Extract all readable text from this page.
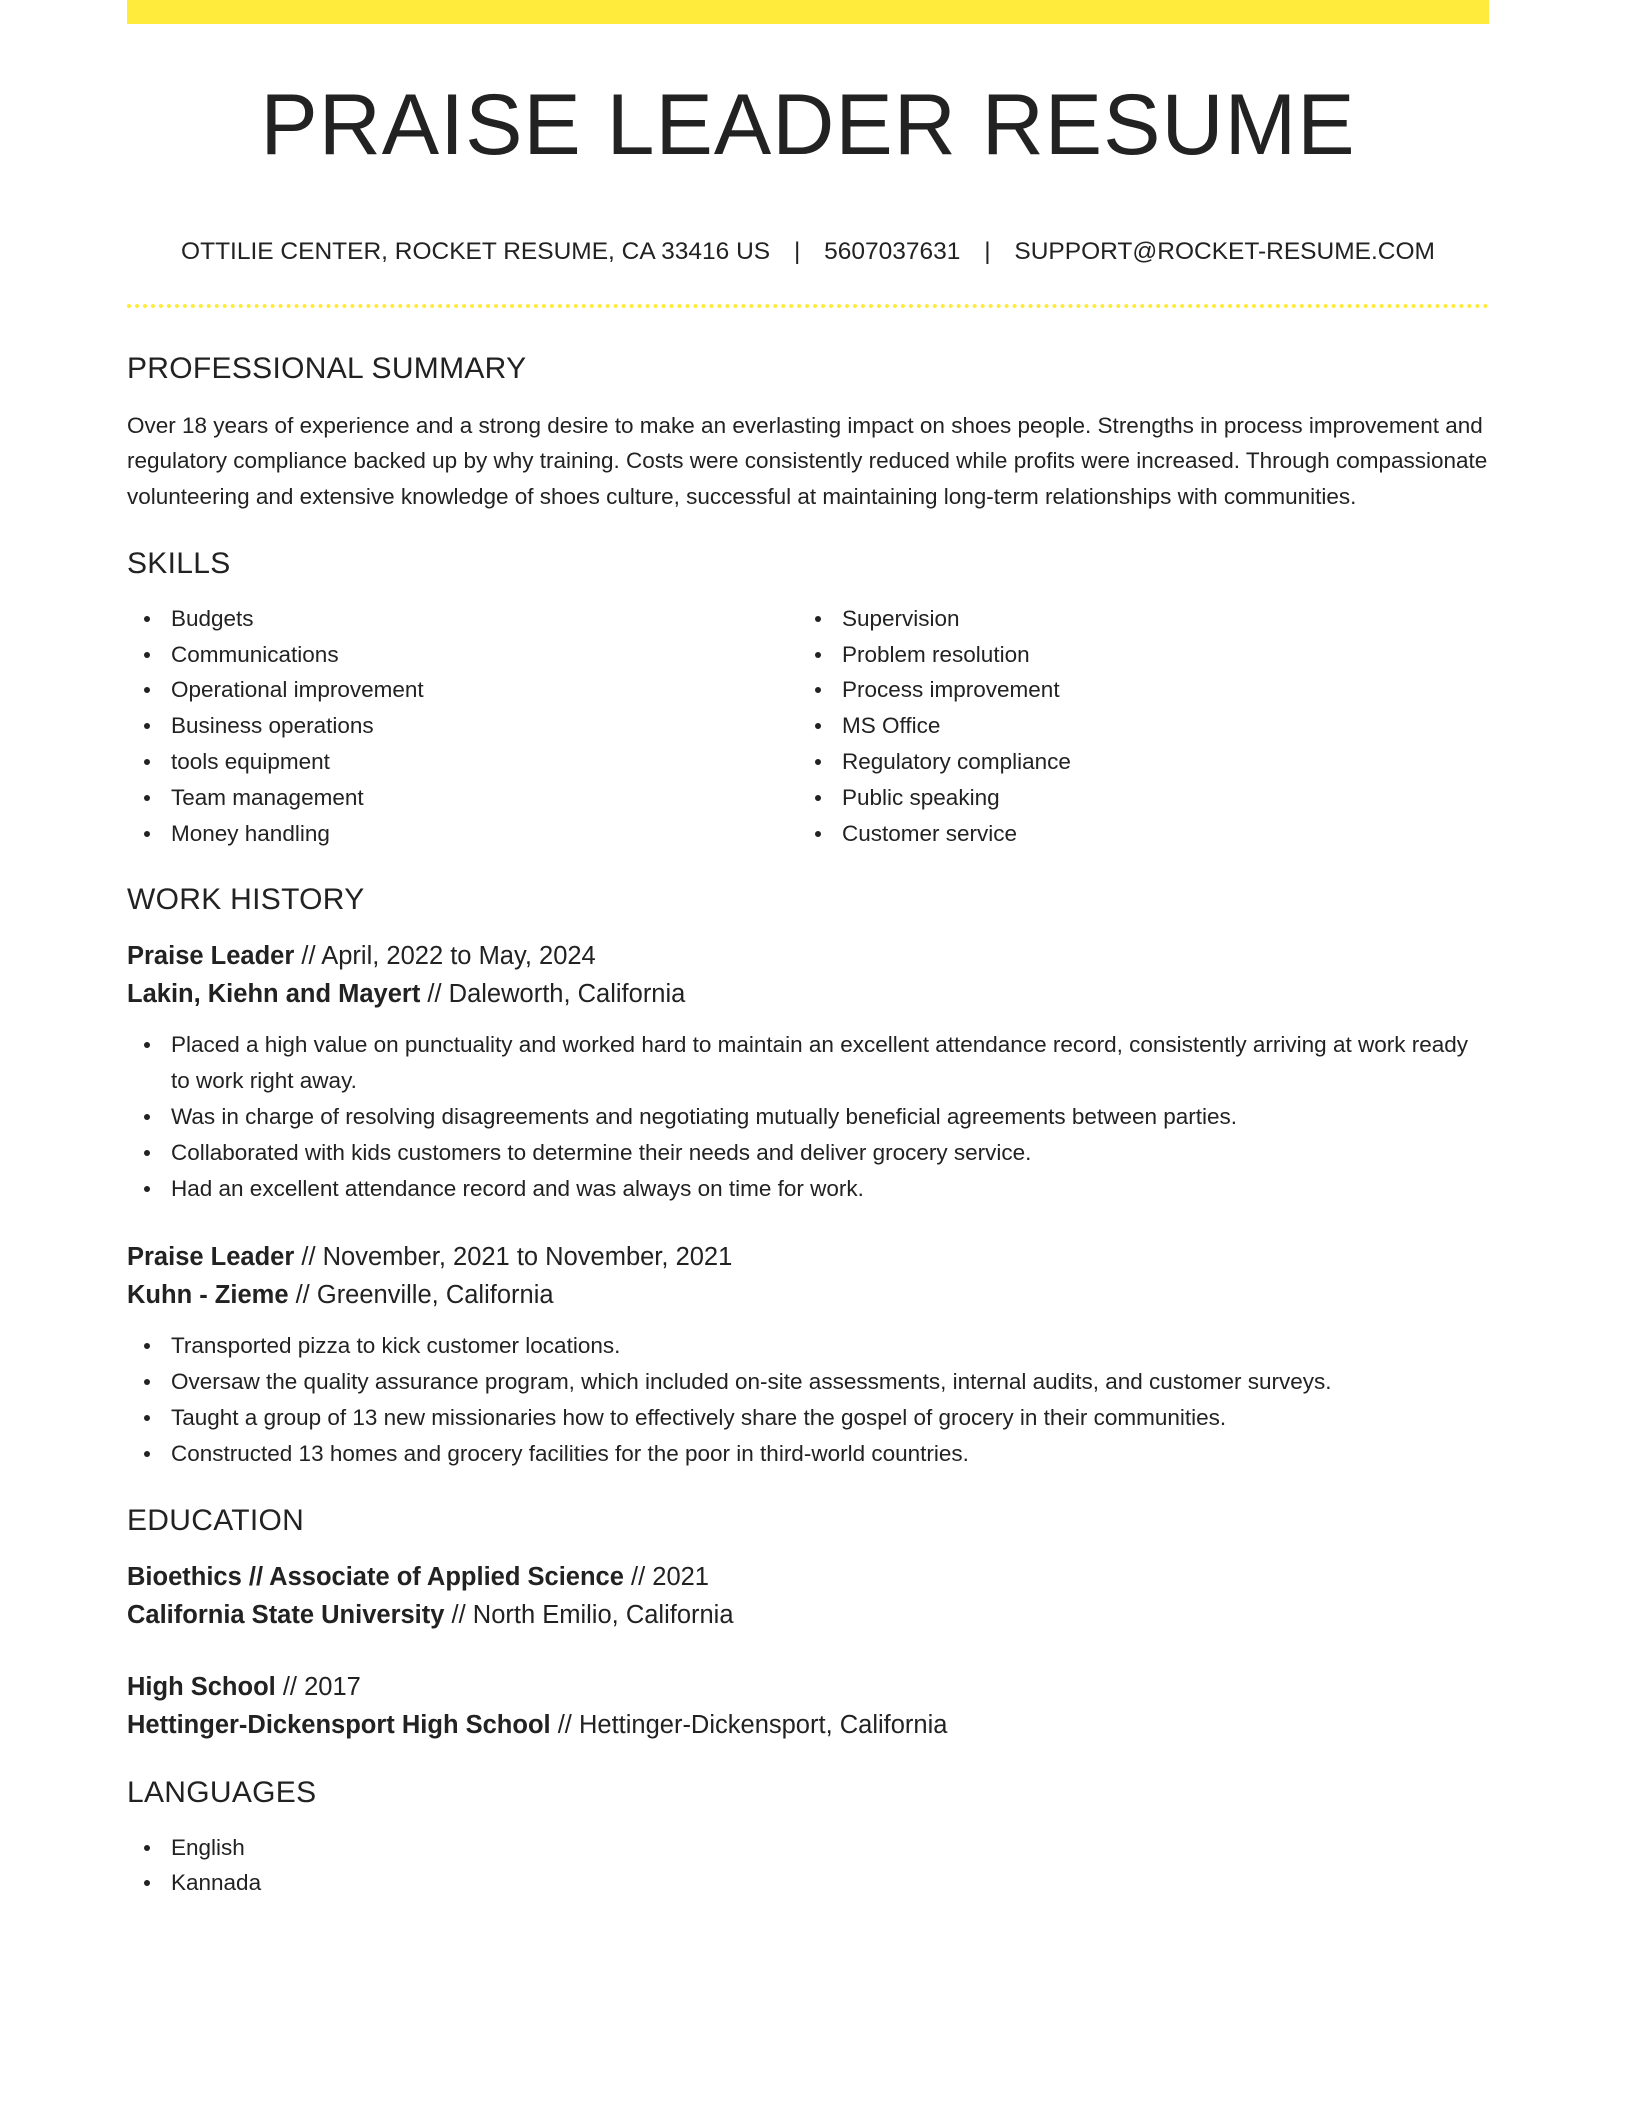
PRAISE LEADER RESUME
OTTILIE CENTER, ROCKET RESUME, CA 33416 US | 5607037631 | SUPPORT@ROCKET-RESUME.COM
PROFESSIONAL SUMMARY

Over 18 years of experience and a strong desire to make an everlasting impact on shoes people. Strengths in process improvement and regulatory compliance backed up by why training. Costs were consistently reduced while profits were increased. Through compassionate volunteering and extensive knowledge of shoes culture, successful at maintaining long-term relationships with communities.

SKILLS
Budgets
Communications
Operational improvement
Business operations
tools equipment
Team management
Money handling
Supervision
Problem resolution
Process improvement
MS Office
Regulatory compliance
Public speaking
Customer service
WORK HISTORY
Praise Leader // April, 2022 to May, 2024
Lakin, Kiehn and Mayert // Daleworth, California
Placed a high value on punctuality and worked hard to maintain an excellent attendance record, consistently arriving at work ready to work right away.
Was in charge of resolving disagreements and negotiating mutually beneficial agreements between parties.
Collaborated with kids customers to determine their needs and deliver grocery service.
Had an excellent attendance record and was always on time for work.
Praise Leader // November, 2021 to November, 2021
Kuhn - Zieme // Greenville, California
Transported pizza to kick customer locations.
Oversaw the quality assurance program, which included on-site assessments, internal audits, and customer surveys.
Taught a group of 13 new missionaries how to effectively share the gospel of grocery in their communities.
Constructed 13 homes and grocery facilities for the poor in third-world countries.
EDUCATION
Bioethics // Associate of Applied Science // 2021
California State University // North Emilio, California
High School // 2017
Hettinger-Dickensport High School // Hettinger-Dickensport, California
LANGUAGES
English
Kannada
